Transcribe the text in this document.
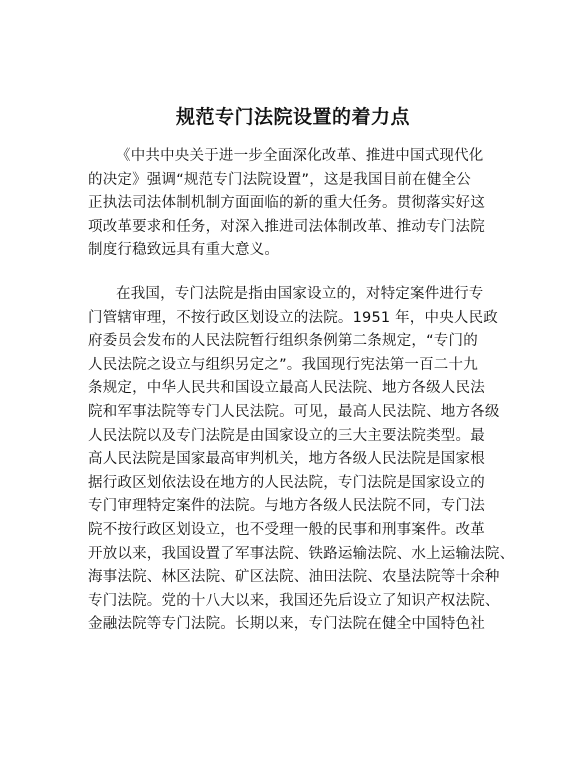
规范专门法院设置的着力点
《中共中央关于进一步全面深化改革、推进中国式现代化
的决定》强调“规范专门法院设置”，这是我国目前在健全公
正执法司法体制机制方面面临的新的重大任务。贯彻落实好这
项改革要求和任务，对深入推进司法体制改革、推动专门法院
制度行稳致远具有重大意义。
在我国，专门法院是指由国家设立的，对特定案件进行专
门管辖审理，不按行政区划设立的法院。1951 年，中央人民政
府委员会发布的人民法院暂行组织条例第二条规定，“专门的
人民法院之设立与组织另定之”。我国现行宪法第一百二十九
条规定，中华人民共和国设立最高人民法院、地方各级人民法
院和军事法院等专门人民法院。可见，最高人民法院、地方各级
人民法院以及专门法院是由国家设立的三大主要法院类型。最
高人民法院是国家最高审判机关，地方各级人民法院是国家根
据行政区划依法设在地方的人民法院，专门法院是国家设立的
专门审理特定案件的法院。与地方各级人民法院不同，专门法
院不按行政区划设立，也不受理一般的民事和刑事案件。改革
开放以来，我国设置了军事法院、铁路运输法院、水上运输法院、
海事法院、林区法院、矿区法院、油田法院、农垦法院等十余种
专门法院。党的十八大以来，我国还先后设立了知识产权法院、
金融法院等专门法院。长期以来，专门法院在健全中国特色社
